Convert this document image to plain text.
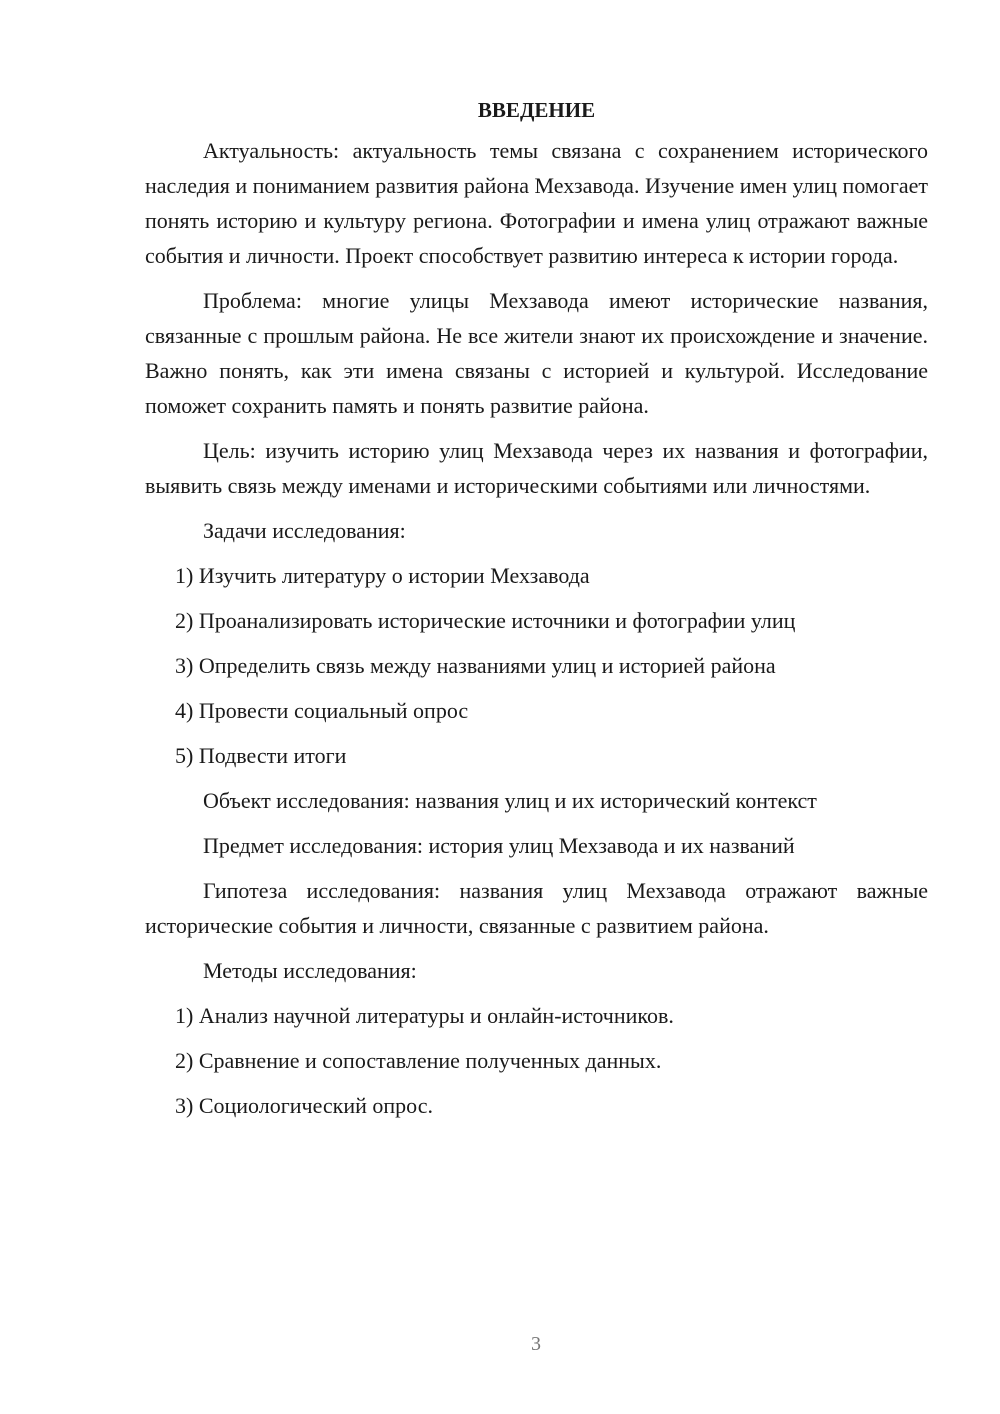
ВВЕДЕНИЕ

Актуальность: актуальность темы связана с сохранением исторического наследия и пониманием развития района Мехзавода. Изучение имен улиц помогает понять историю и культуру региона. Фотографии и имена улиц отражают важные события и личности. Проект способствует развитию интереса к истории города.

Проблема: многие улицы Мехзавода имеют исторические названия, связанные с прошлым района. Не все жители знают их происхождение и значение. Важно понять, как эти имена связаны с историей и культурой. Исследование поможет сохранить память и понять развитие района.

Цель: изучить историю улиц Мехзавода через их названия и фотографии, выявить связь между именами и историческими событиями или личностями.

Задачи исследования:

1) Изучить литературу о истории Мехзавода

2) Проанализировать исторические источники и фотографии улиц

3) Определить связь между названиями улиц и историей района

4) Провести социальный опрос

5) Подвести итоги

Объект исследования: названия улиц и их исторический контекст

Предмет исследования: история улиц Мехзавода и их названий

Гипотеза исследования: названия улиц Мехзавода отражают важные исторические события и личности, связанные с развитием района.

Методы исследования:

1) Анализ научной литературы и онлайн-источников.

2) Сравнение и сопоставление полученных данных.

3) Социологический опрос.

3
